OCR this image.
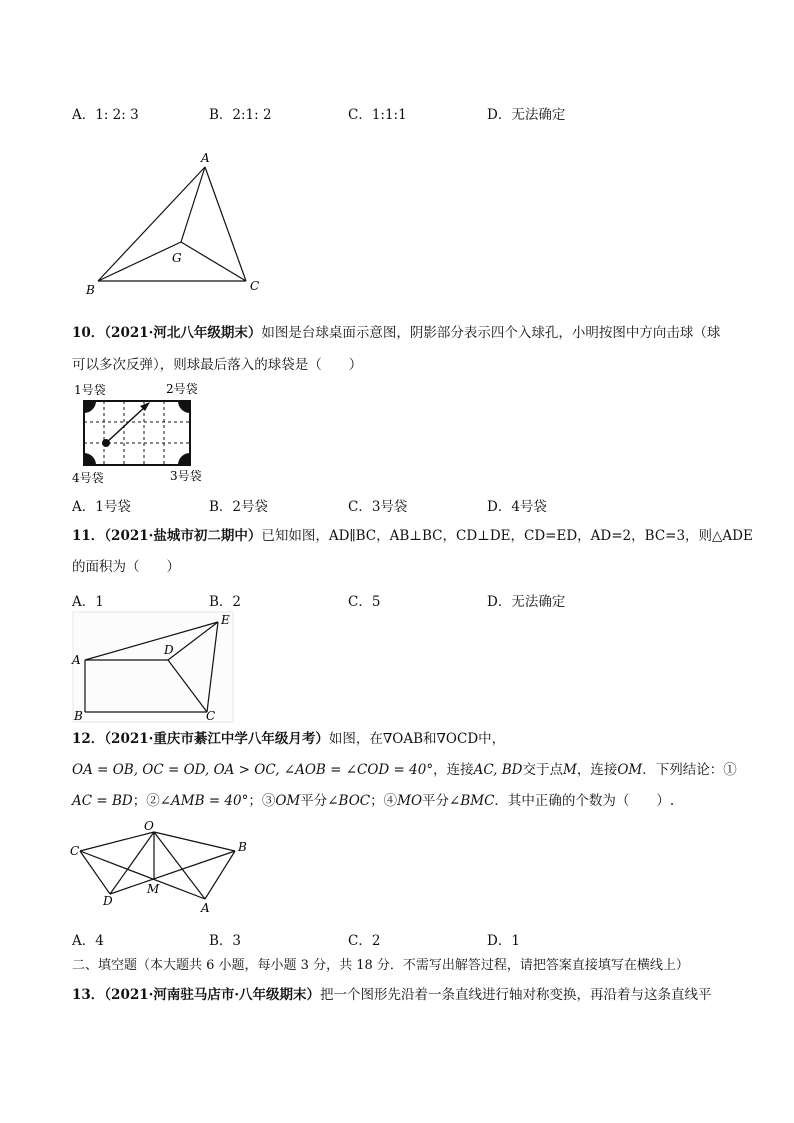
A．1: 2: 3	B．2:1: 2	C．1:1:1	D．无法确定
A
B	C
G
10．（2021·河北八年级期末）如图是台球桌面示意图，阴影部分表示四个入球孔，小明按图中方向击球（球
可以多次反弹），则球最后落入的球袋是（　　）
1号袋	2号袋
3号袋
4号袋
A．1号袋	B．2号袋	C．3号袋	D．4号袋
11．（2021·盐城市初二期中）已知如图，AD∥BC，AB⊥BC，CD⊥DE，CD=ED，AD=2，BC=3，则△ADE
的面积为（　　）
A．1	B．2	C．5	D．无法确定
A
B	C
D
E
12．（2021·重庆市綦江中学八年级月考）如图，在∇OAB和∇OCD中，
OA = OB, OC = OD, OA > OC, ∠AOB = ∠COD = 40°，连接AC, BD交于点M，连接OM．下列结论：①
AC = BD；②∠AMB = 40°；③OM平分∠BOC；④MO平分∠BMC．其中正确的个数为（　　）.
O
C	B
D
M
A
A．4	B．3	C．2	D．1
二、填空题（本大题共 6 小题，每小题 3 分，共 18 分．不需写出解答过程，请把答案直接填写在横线上）
13．（2021·河南驻马店市·八年级期末）把一个图形先沿着一条直线进行轴对称变换，再沿着与这条直线平
